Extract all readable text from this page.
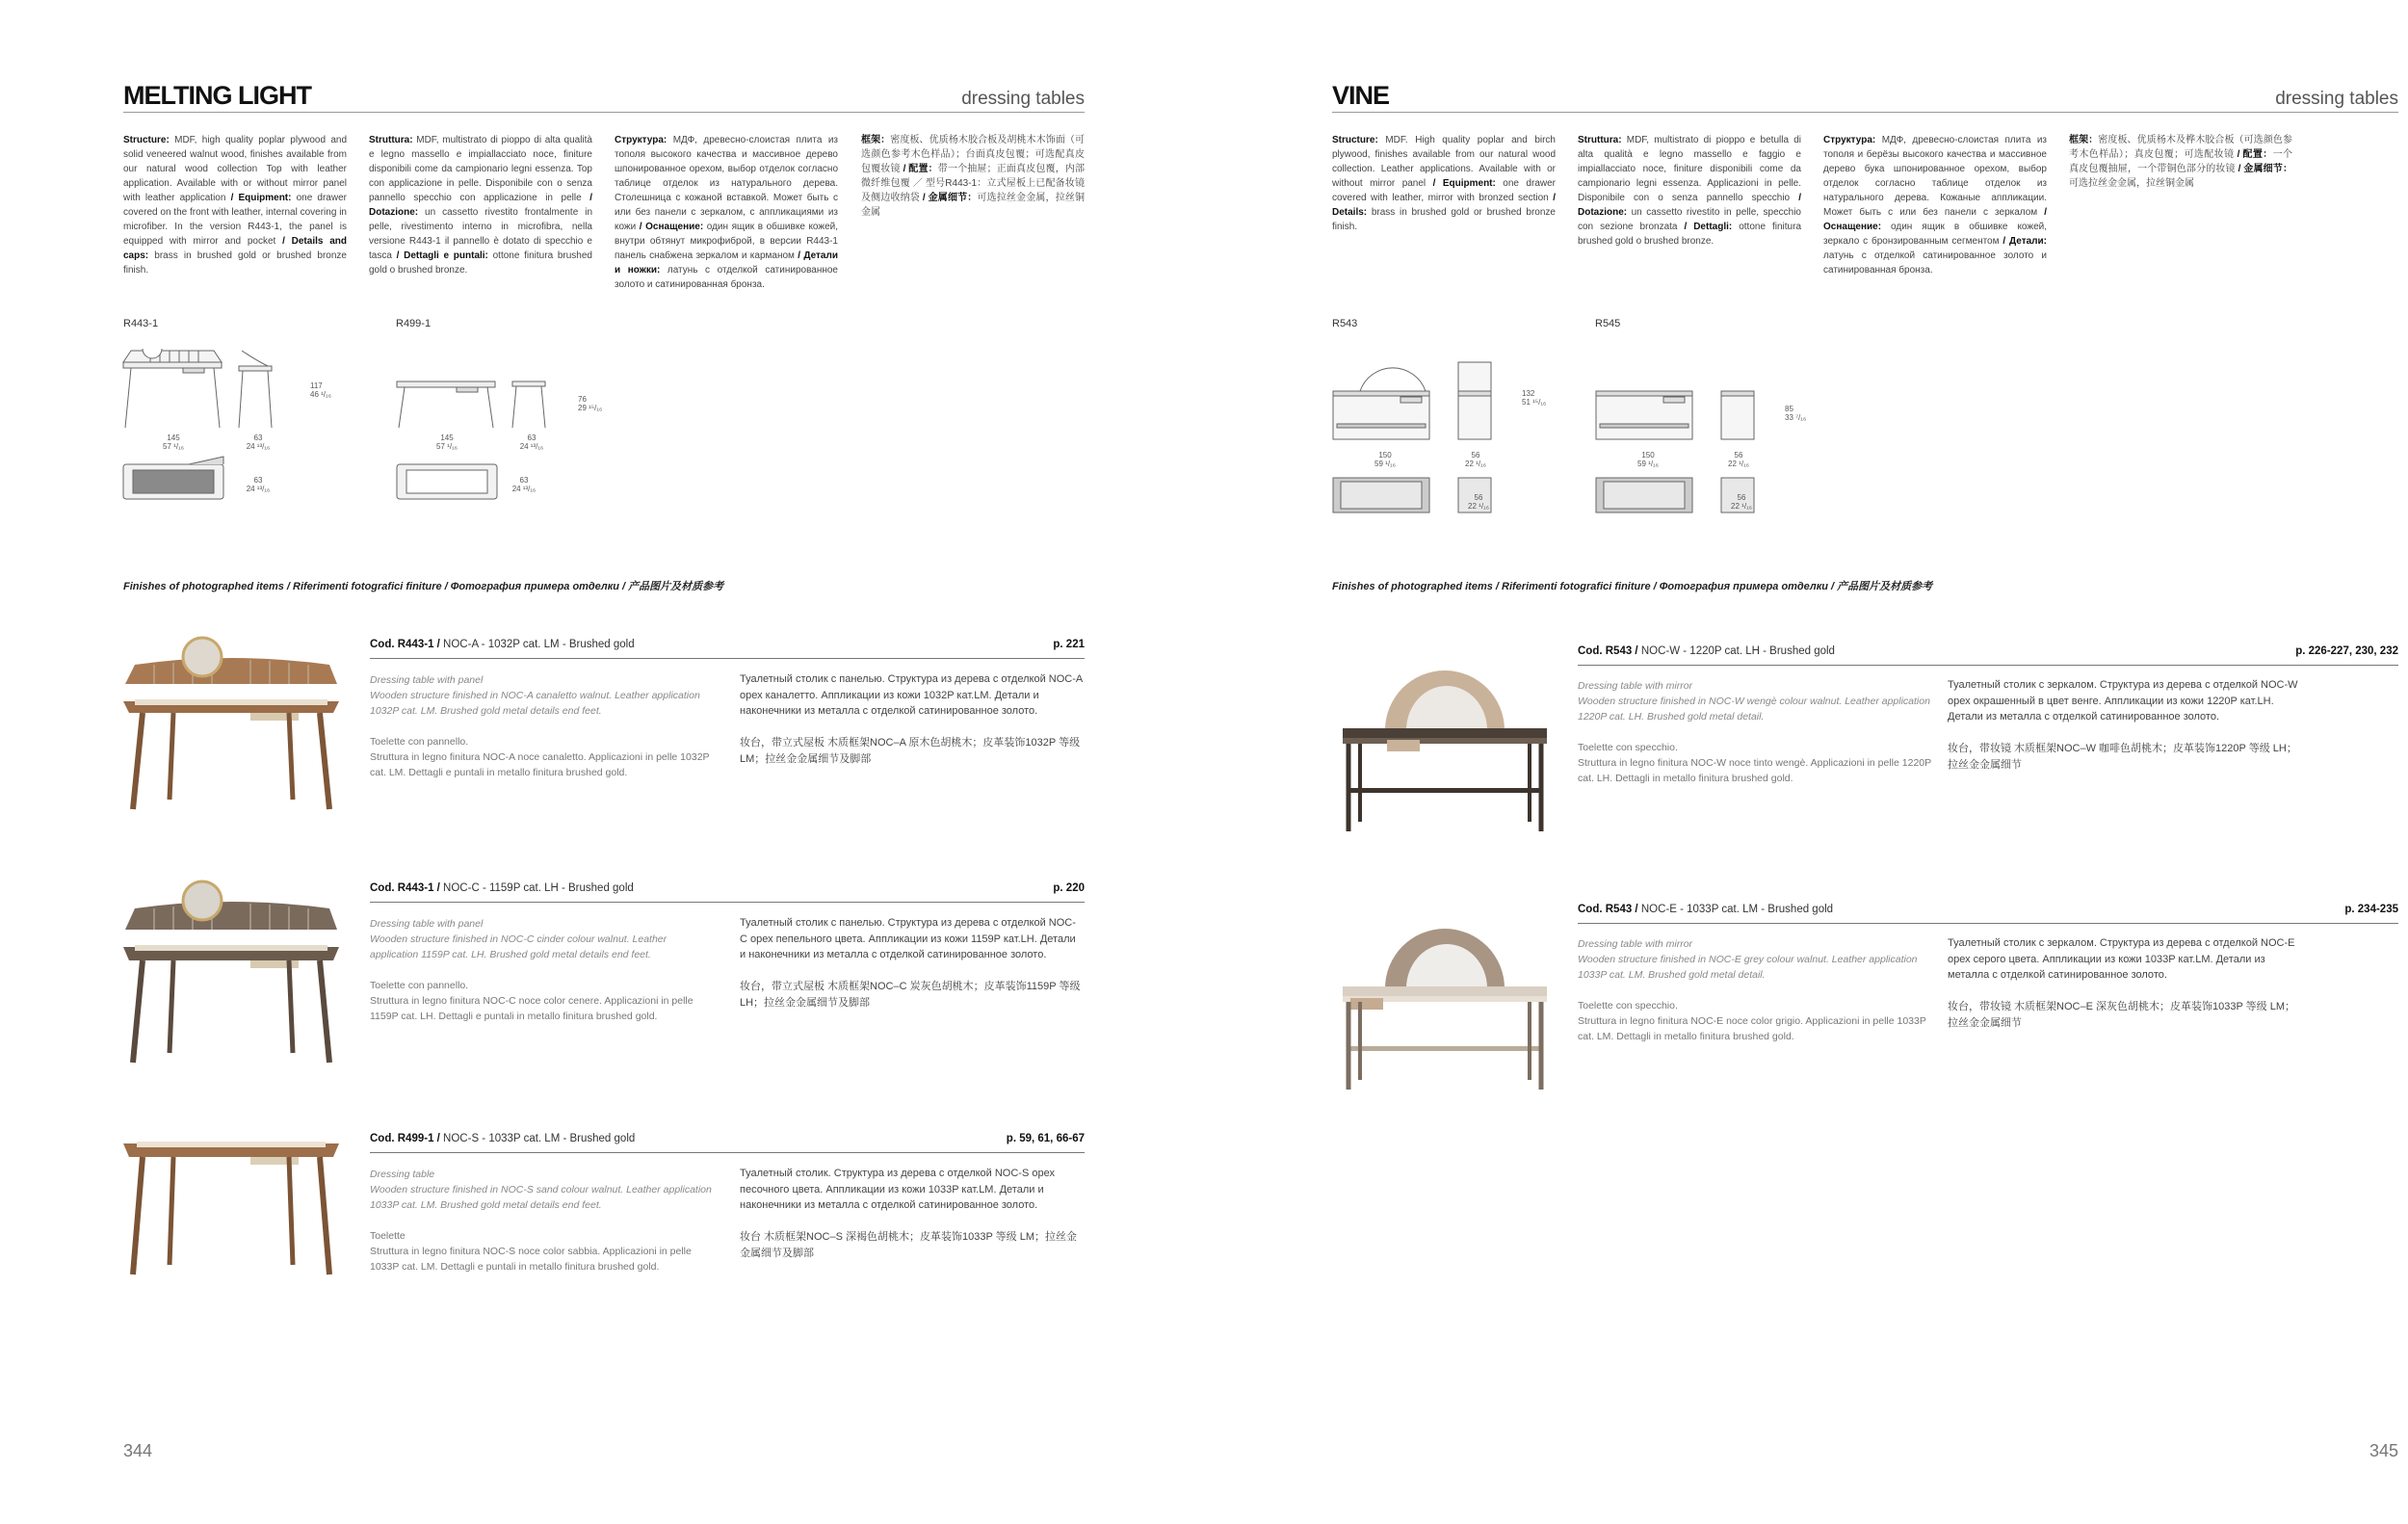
MELTING LIGHT	dressing tables
Structure: MDF, high quality poplar plywood and solid veneered walnut wood, finishes available from our natural wood collection Top with leather application. Available with or without mirror panel with leather application / Equipment: one drawer covered on the front with leather, internal covering in microfiber. In the version R443-1, the panel is equipped with mirror and pocket / Details and caps: brass in brushed gold or brushed bronze finish.
Struttura: MDF, multistrato di pioppo di alta qualità e legno massello e impiallacciato noce, finiture disponibili come da campionario legni essenza. Top con applicazione in pelle. Disponibile con o senza pannello specchio con applicazione in pelle / Dotazione: un cassetto rivestito frontalmente in pelle, rivestimento interno in microfibra, nella versione R443-1 il pannello è dotato di specchio e tasca / Dettagli e puntali: ottone finitura brushed gold o brushed bronze.
Структура: МДФ, древесно-слоистая плита из тополя высокого качества и массивное дерево шпонированное орехом, выбор отделок согласно таблице отделок из натурального дерева. Столешница с кожаной вставкой. Может быть с или без панели с зеркалом, с аппликациями из кожи / Оснащение: один ящик в обшивке кожей, внутри обтянут микрофиброй, в версии R443-1 панель снабжена зеркалом и карманом / Детали и ножки: латунь с отделкой сатинированное золото и сатинированная бронза.
框架：密度板、优质杨木胶合板及胡桃木木饰面（可选颜色参考木色样品）；台面真皮包覆；可选配真皮包覆妆镜 / 配置：带一个抽屉；正面真皮包覆，内部微纤维包覆 ／ 型号R443-1：立式屋板上已配备妆镜及侧边收纳袋 / 金属细节：可选拉丝金金属，拉丝铜金属
R443-1
145
57 ¹/₁₆
63
24 ¹³/₁₆
117
46 ¹/₁₆
63
24 ¹³/₁₆
R499-1
145
57 ¹/₁₆
63
24 ¹³/₁₆
76
29 ¹⁵/₁₆
63
24 ¹³/₁₆
Finishes of photographed items / Riferimenti fotografici finiture / Фотография примера отделки / 产品图片及材质参考
Cod. R443-1 / NOC-A - 1032P cat. LM - Brushed gold	p. 221
Dressing table with panel
Wooden structure finished in NOC-A canaletto walnut. Leather application 1032P cat. LM. Brushed gold metal details end feet.

Toelette con pannello.
Struttura in legno finitura NOC-A noce canaletto. Applicazioni in pelle 1032P cat. LM. Dettagli e puntali in metallo finitura brushed gold.
Туалетный столик с панелью. Структура из дерева с отделкой NOC-A орех каналетто. Аппликации из кожи 1032P кат.LM. Детали и наконечники из металла с отделкой сатинированное золото.

妆台，带立式屋板 木质框架NOC–A 原木色胡桃木；皮革装饰1032P 等级 LM；拉丝金金属细节及脚部
Cod. R443-1 / NOC-C - 1159P cat. LH - Brushed gold	p. 220
Dressing table with panel
Wooden structure finished in NOC-C cinder colour walnut. Leather application 1159P cat. LH. Brushed gold metal details end feet.

Toelette con pannello.
Struttura in legno finitura NOC-C noce color cenere. Applicazioni in pelle 1159P cat. LH. Dettagli e puntali in metallo finitura brushed gold.
Туалетный столик с панелью. Структура из дерева с отделкой NOC-C орех пепельного цвета. Аппликации из кожи 1159P кат.LH. Детали и наконечники из металла с отделкой сатинированное золото.

妆台，带立式屋板 木质框架NOC–C 炭灰色胡桃木；皮革装饰1159P 等级 LH；拉丝金金属细节及脚部
Cod. R499-1 / NOC-S - 1033P cat. LM - Brushed gold	p. 59, 61, 66-67
Dressing table
Wooden structure finished in NOC-S sand colour walnut. Leather application 1033P cat. LM. Brushed gold metal details end feet.

Toelette
Struttura in legno finitura NOC-S noce color sabbia. Applicazioni in pelle 1033P cat. LM. Dettagli e puntali in metallo finitura brushed gold.
Туалетный столик. Структура из дерева с отделкой NOC-S орех песочного цвета. Аппликации из кожи 1033P кат.LM. Детали и наконечники из металла с отделкой сатинированное золото.

妆台 木质框架NOC–S 深褐色胡桃木；皮革装饰1033P 等级 LM；拉丝金金属细节及脚部
344
VINE	dressing tables
Structure: MDF. High quality poplar and birch plywood, finishes available from our natural wood collection. Leather applications. Available with or without mirror panel / Equipment: one drawer covered with leather, mirror with bronzed section / Details: brass in brushed gold or brushed bronze finish.
Struttura: MDF, multistrato di pioppo e betulla di alta qualità e legno massello e faggio e impiallacciato noce, finiture disponibili come da campionario legni essenza. Applicazioni in pelle. Disponibile con o senza pannello specchio / Dotazione: un cassetto rivestito in pelle, specchio con sezione bronzata / Dettagli: ottone finitura brushed gold o brushed bronze.
Структура: МДФ, древесно-слоистая плита из тополя и берёзы высокого качества и массивное дерево бука шпонированное орехом, выбор отделок согласно таблице отделок из натурального дерева. Кожаные аппликации. Может быть с или без панели с зеркалом / Оснащение: один ящик в обшивке кожей, зеркало с бронзированным сегментом / Детали: латунь с отделкой сатинированное золото и сатинированная бронза.
框架：密度板、优质杨木及桦木胶合板（可选颜色参考木色样品）；真皮包覆；可选配妆镜 / 配置：一个真皮包覆抽屉，一个带铜色部分的妆镜 / 金属细节：可选拉丝金金属，拉丝铜金属
R543
150
59 ¹/₁₆
56
22 ¹/₁₆
132
51 ¹⁵/₁₆
56
22 ¹/₁₆
R545
150
59 ¹/₁₆
56
22 ¹/₁₆
85
33 ⁷/₁₆
56
22 ¹/₁₆
Finishes of photographed items / Riferimenti fotografici finiture / Фотография примера отделки / 产品图片及材质参考
Cod. R543 / NOC-W - 1220P cat. LH - Brushed gold	p. 226-227, 230, 232
Dressing table with mirror
Wooden structure finished in NOC-W wengè colour walnut. Leather application 1220P cat. LH. Brushed gold metal detail.

Toelette con specchio.
Struttura in legno finitura NOC-W noce tinto wengè. Applicazioni in pelle 1220P cat. LH. Dettagli in metallo finitura brushed gold.
Туалетный столик с зеркалом. Структура из дерева с отделкой NOC-W орех окрашенный в цвет венге. Аппликации из кожи 1220P кат.LH. Детали из металла с отделкой сатинированное золото.

妆台，带妆镜 木质框架NOC–W 咖啡色胡桃木；皮革装饰1220P 等级 LH；拉丝金金属细节
Cod. R543 / NOC-E - 1033P cat. LM - Brushed gold	p. 234-235
Dressing table with mirror
Wooden structure finished in NOC-E grey colour walnut. Leather application 1033P cat. LM. Brushed gold metal detail.

Toelette con specchio.
Struttura in legno finitura NOC-E noce color grigio. Applicazioni in pelle 1033P cat. LM. Dettagli in metallo finitura brushed gold.
Туалетный столик с зеркалом. Структура из дерева с отделкой NOC-E орех серого цвета. Аппликации из кожи 1033P кат.LM. Детали из металла с отделкой сатинированное золото.

妆台，带妆镜 木质框架NOC–E 深灰色胡桃木；皮革装饰1033P 等级 LM；拉丝金金属细节
345
